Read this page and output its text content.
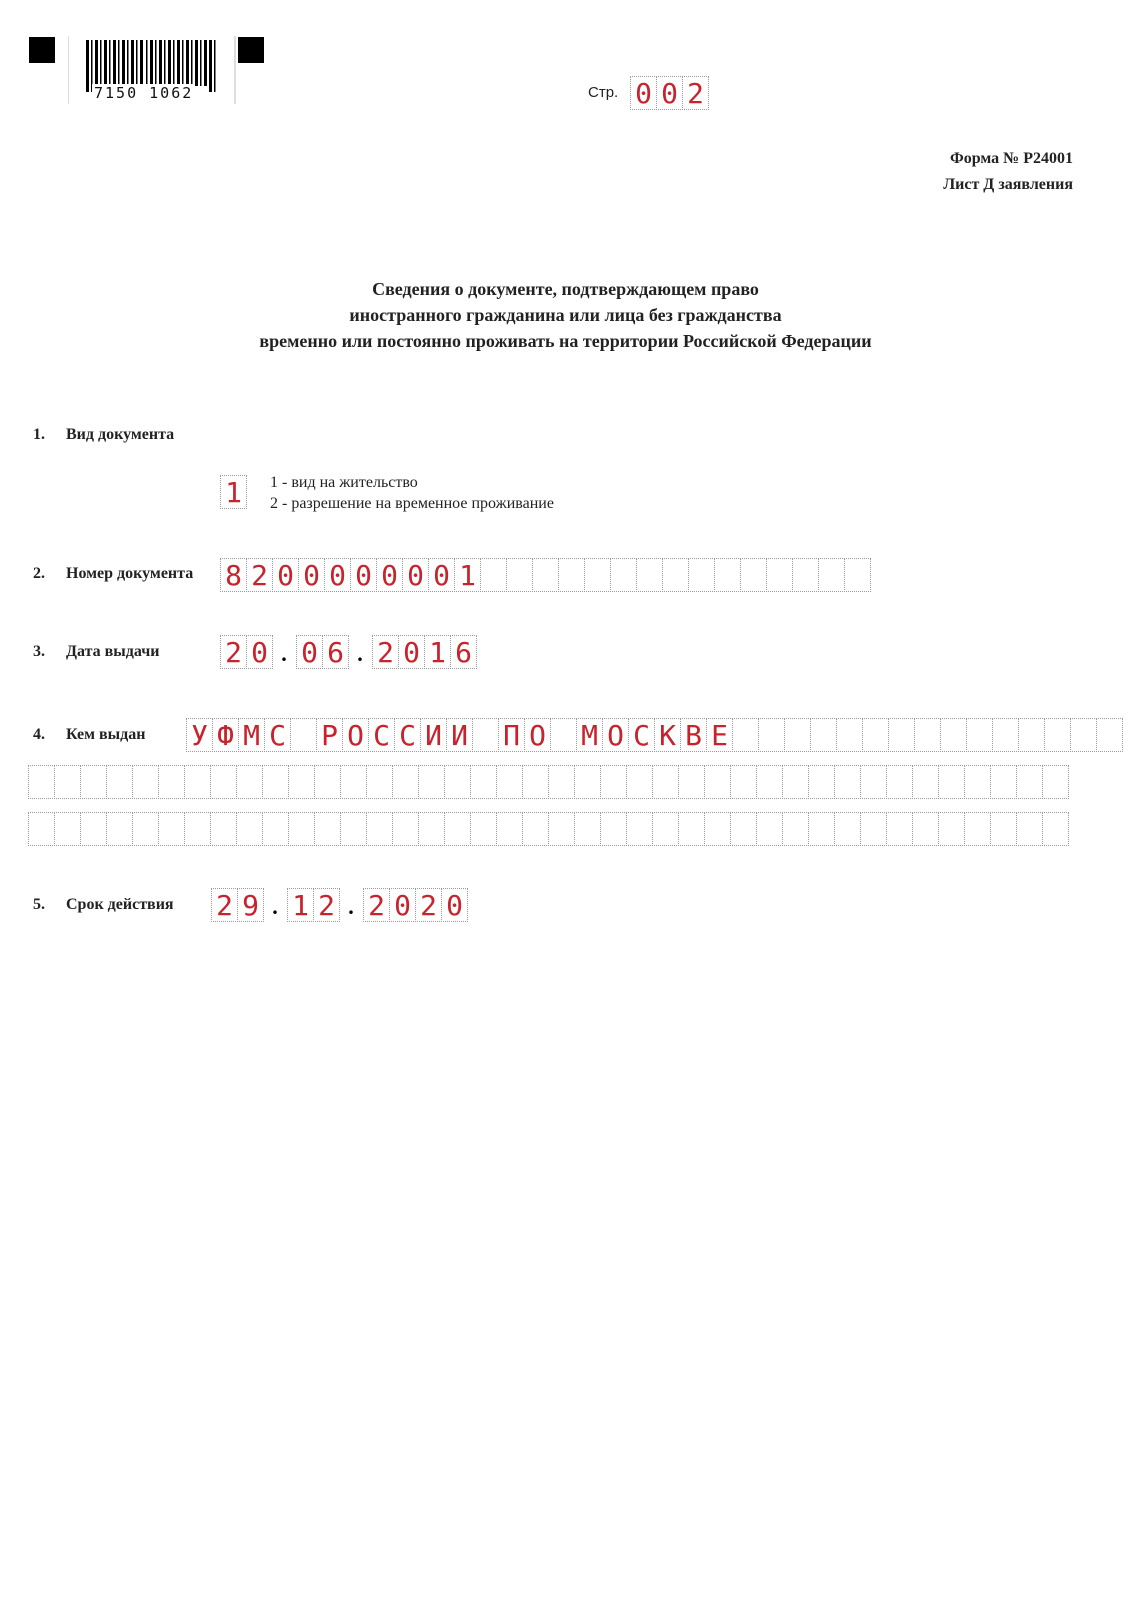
7150 1062	Стр. 0 0 2
Форма № Р24001
Лист Д заявления
Сведения о документе, подтверждающем право
иностранного гражданина или лица без гражданства
временно или постоянно проживать на территории Российской Федерации
1. Вид документа
1	1 - вид на жительство
2 - разрешение на временное проживание
2. Номер документа 8 2 0 0 0 0 0 0 0 1
3. Дата выдачи 2 0 . 0 6 . 2 0 1 6
4. Кем выдан У Ф М С Р О С С И И П О М О С К В Е
5. Срок действия 2 9 . 1 2 . 2 0 2 0
